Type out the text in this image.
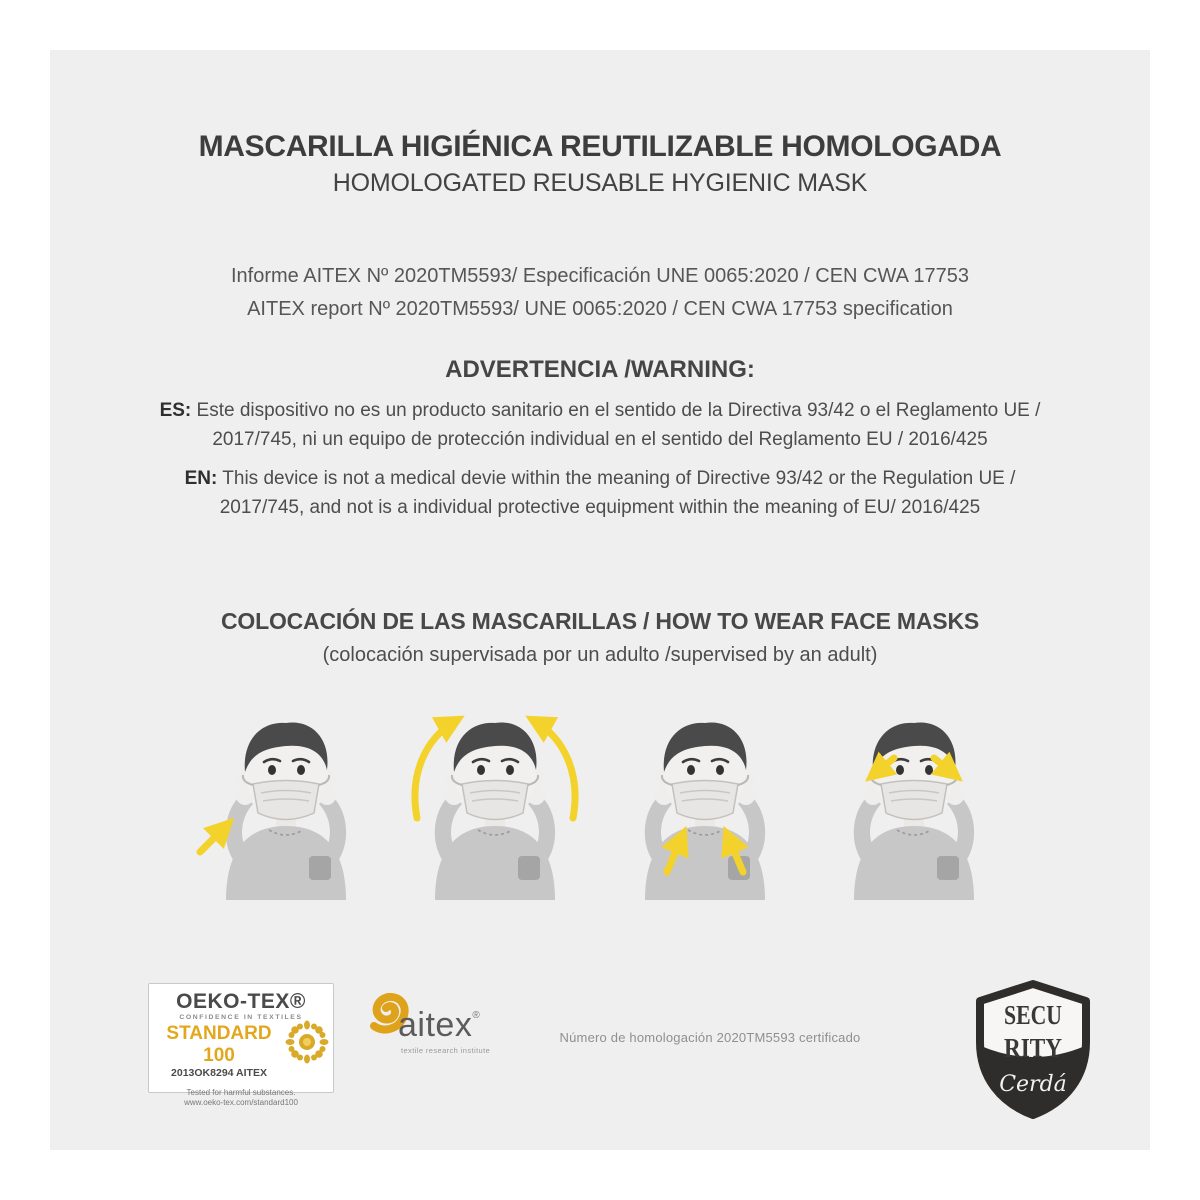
MASCARILLA HIGIÉNICA REUTILIZABLE HOMOLOGADA
HOMOLOGATED REUSABLE HYGIENIC MASK
Informe AITEX Nº 2020TM5593/ Especificación UNE 0065:2020 / CEN CWA 17753
AITEX report Nº 2020TM5593/ UNE 0065:2020 / CEN CWA 17753 specification
ADVERTENCIA /WARNING:
ES: Este dispositivo no es un producto sanitario en el sentido de la Directiva 93/42 o el Reglamento UE / 2017/745, ni un equipo de protección individual en el sentido del Reglamento EU / 2016/425
EN: This device is not a medical devie within the meaning of Directive 93/42 or the Regulation UE / 2017/745, and not is a individual protective equipment within the meaning of EU/ 2016/425
COLOCACIÓN DE LAS MASCARILLAS / HOW TO WEAR FACE MASKS
(colocación supervisada por un adulto /supervised by an adult)
OEKO-TEX®
CONFIDENCE IN TEXTILES
STANDARD 100
2013OK8294 AITEX
Tested for harmful substances.
www.oeko-tex.com/standard100
aitex®
textile research institute
Número de homologación 2020TM5593 certificado
SECU
RITY
Cerdá
